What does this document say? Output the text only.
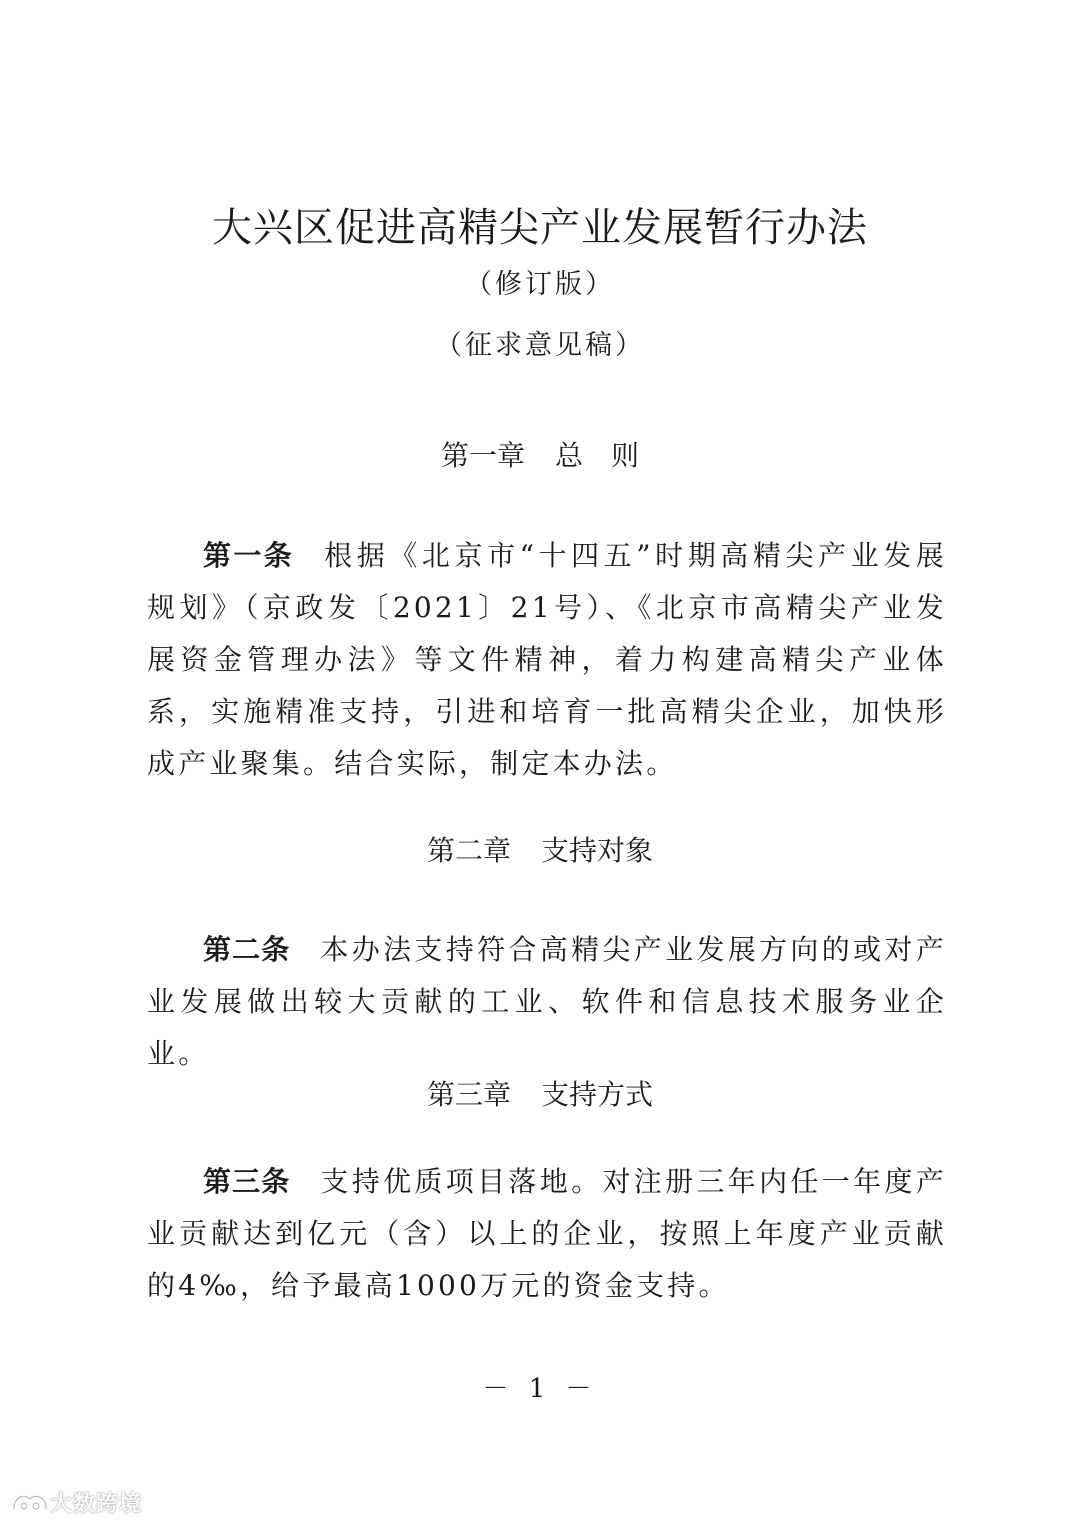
大兴区促进高精尖产业发展暂行办法
（修订版）
（征求意见稿）
第一章 总　则

第一条 根据《北京市“十四五”时期高精尖产业发展规划》（京政发〔2021〕21号）、《北京市高精尖产业发展资金管理办法》等文件精神，着力构建高精尖产业体系，实施精准支持，引进和培育一批高精尖企业，加快形成产业聚集。结合实际，制定本办法。

第二章 支持对象

第二条 本办法支持符合高精尖产业发展方向的或对产业发展做出较大贡献的工业、软件和信息技术服务业企业。

第三章 支持方式

第三条 支持优质项目落地。对注册三年内任一年度产业贡献达到亿元（含）以上的企业，按照上年度产业贡献的4‰，给予最高1000万元的资金支持。

－ 1 －
大数跨境
